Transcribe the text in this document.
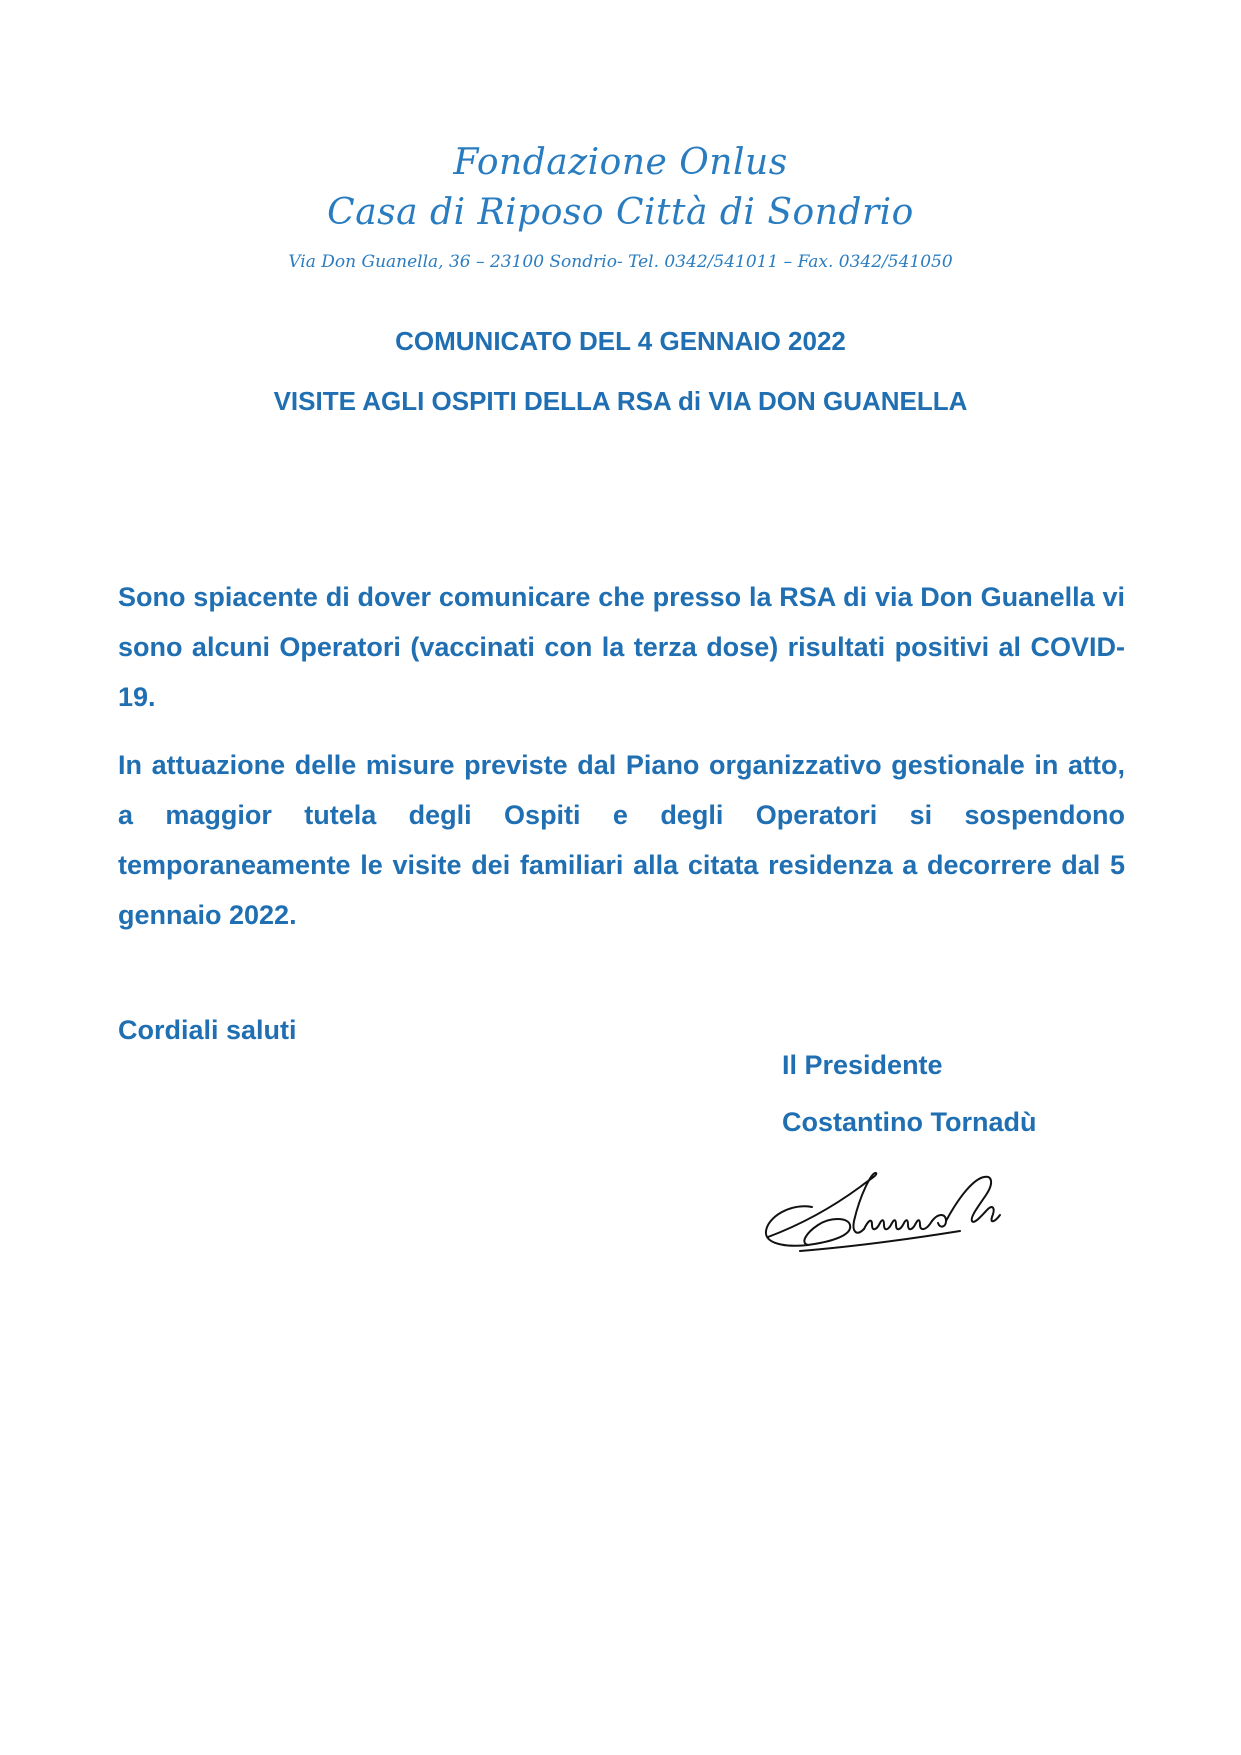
Fondazione Onlus
Casa di Riposo Città di Sondrio
Via Don Guanella, 36 – 23100 Sondrio- Tel. 0342/541011 – Fax. 0342/541050
COMUNICATO DEL 4 GENNAIO 2022
VISITE AGLI OSPITI DELLA RSA di VIA DON GUANELLA
Sono spiacente di dover comunicare che presso la RSA di via Don Guanella vi sono alcuni Operatori (vaccinati con la terza dose) risultati positivi al COVID-19.
In attuazione delle misure previste dal Piano organizzativo gestionale in atto, a maggior tutela degli Ospiti e degli Operatori si sospendono temporaneamente le visite dei familiari alla citata residenza a decorrere dal 5 gennaio 2022.
Cordiali saluti
Il Presidente
Costantino Tornadù
